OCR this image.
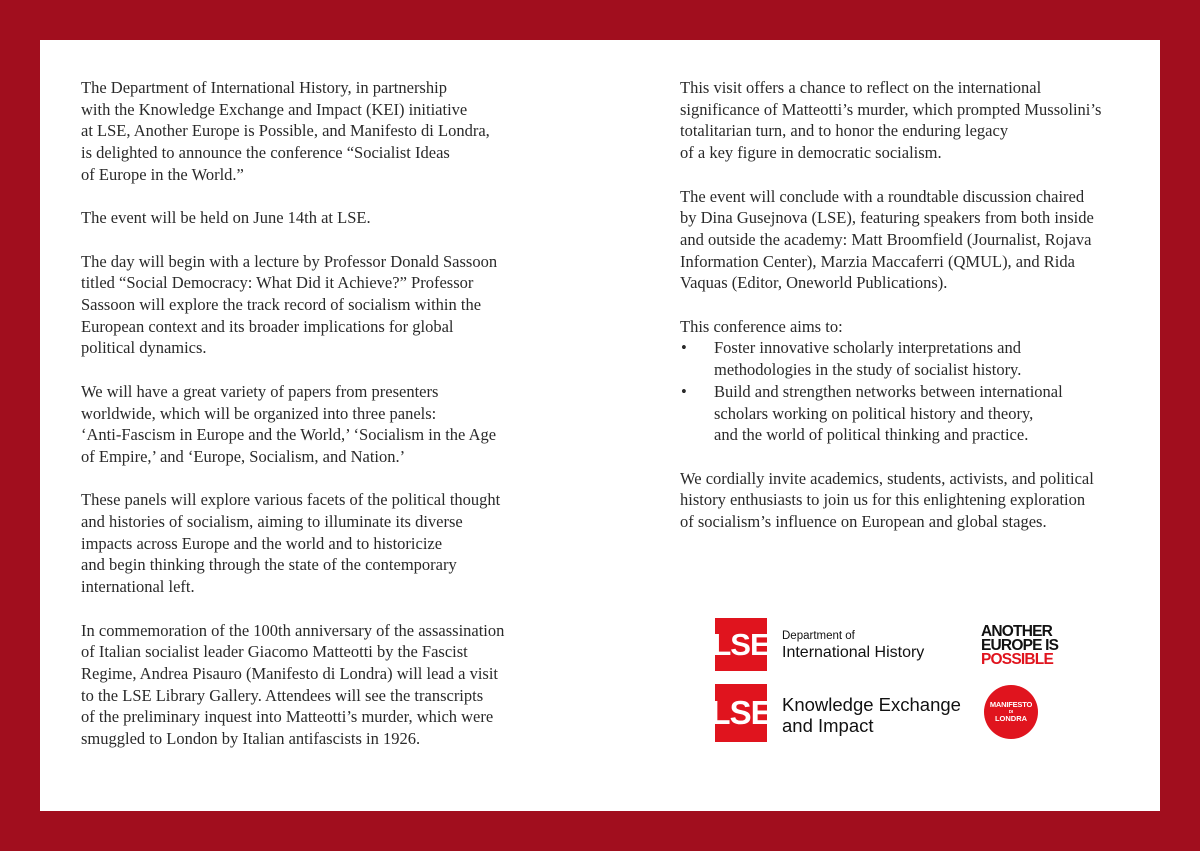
The Department of International History, in partnership
with the Knowledge Exchange and Impact (KEI) initiative
at LSE, Another Europe is Possible, and Manifesto di Londra,
is delighted to announce the conference “Socialist Ideas
of Europe in the World.”

The event will be held on June 14th at LSE.

The day will begin with a lecture by Professor Donald Sassoon
titled “Social Democracy: What Did it Achieve?” Professor
Sassoon will explore the track record of socialism within the
European context and its broader implications for global
political dynamics.

We will have a great variety of papers from presenters
worldwide, which will be organized into three panels:
‘Anti-Fascism in Europe and the World,’ ‘Socialism in the Age
of Empire,’ and ‘Europe, Socialism, and Nation.’

These panels will explore various facets of the political thought
and histories of socialism, aiming to illuminate its diverse
impacts across Europe and the world and to historicize
and begin thinking through the state of the contemporary
international left.

In commemoration of the 100th anniversary of the assassination
of Italian socialist leader Giacomo Matteotti by the Fascist
Regime, Andrea Pisauro (Manifesto di Londra) will lead a visit
to the LSE Library Gallery. Attendees will see the transcripts
of the preliminary inquest into Matteotti’s murder, which were
smuggled to London by Italian antifascists in 1926.

This visit offers a chance to reflect on the international
significance of Matteotti’s murder, which prompted Mussolini’s
totalitarian turn, and to honor the enduring legacy
of a key figure in democratic socialism.

The event will conclude with a roundtable discussion chaired
by Dina Gusejnova (LSE), featuring speakers from both inside
and outside the academy: Matt Broomfield (Journalist, Rojava
Information Center), Marzia Maccaferri (QMUL), and Rida
Vaquas (Editor, Oneworld Publications).

This conference aims to:
• Foster innovative scholarly interpretations and
methodologies in the study of socialist history.
• Build and strengthen networks between international
scholars working on political history and theory,
and the world of political thinking and practice.

We cordially invite academics, students, activists, and political
history enthusiasts to join us for this enlightening exploration
of socialism’s influence on European and global stages.

LSE Department of
International History
LSE Knowledge Exchange
and Impact
ANOTHER
EUROPE IS
POSSIBLE
MANIFESTO
DI
LONDRA
